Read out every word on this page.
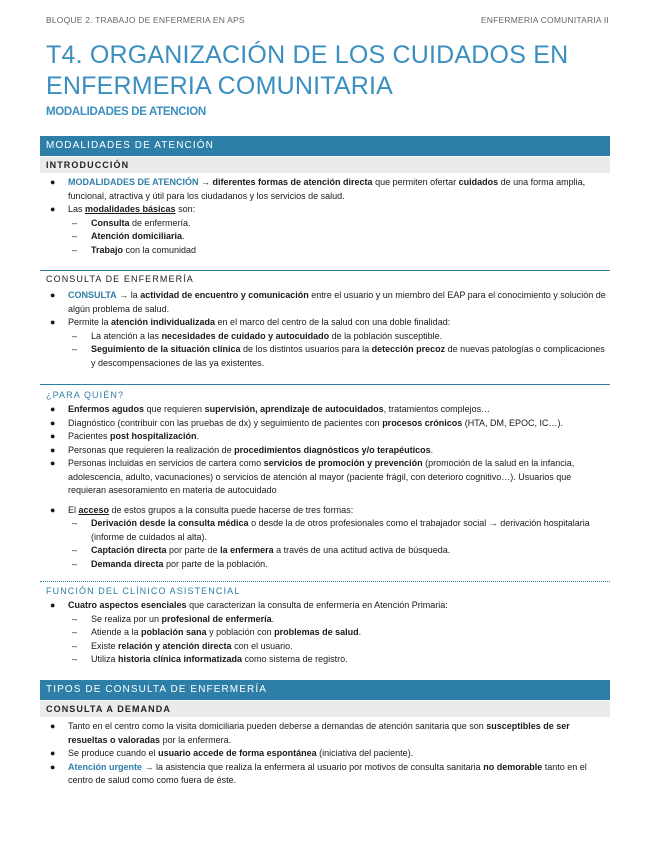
BLOQUE 2. TRABAJO DE ENFERMERIA EN APS	ENFERMERIA COMUNITARIA II
T4. ORGANIZACIÓN DE LOS CUIDADOS EN ENFERMERIA COMUNITARIA
MODALIDADES DE ATENCION
MODALIDADES DE ATENCIÓN
INTRODUCCIÓN
● MODALIDADES DE ATENCIÓN → diferentes formas de atención directa que permiten ofertar cuidados de una forma amplia, funcional, atractiva y útil para los ciudadanos y los servicios de salud.
● Las modalidades básicas son:
– Consulta de enfermería.
– Atención domiciliaria.
– Trabajo con la comunidad
CONSULTA DE ENFERMERÍA
● CONSULTA → la actividad de encuentro y comunicación entre el usuario y un miembro del EAP para el conocimiento y solución de algún problema de salud.
● Permite la atención individualizada en el marco del centro de la salud con una doble finalidad:
– La atención a las necesidades de cuidado y autocuidado de la población susceptible.
– Seguimiento de la situación clínica de los distintos usuarios para la detección precoz de nuevas patologías o complicaciones y descompensaciones de las ya existentes.
¿PARA QUIÉN?
● Enfermos agudos que requieren supervisión, aprendizaje de autocuidados, tratamientos complejos…
● Diagnóstico (contribuir con las pruebas de dx) y seguimiento de pacientes con procesos crónicos (HTA, DM, EPOC, IC…).
● Pacientes post hospitalización.
● Personas que requieren la realización de procedimientos diagnósticos y/o terapéuticos.
● Personas incluidas en servicios de cartera como servicios de promoción y prevención (promoción de la salud en la infancia, adolescencia, adulto, vacunaciones) o servicios de atención al mayor (paciente frágil, con deterioro cognitivo…). Usuarios que requieran asesoramiento en materia de autocuidado
● El acceso de estos grupos a la consulta puede hacerse de tres formas:
– Derivación desde la consulta médica o desde la de otros profesionales como el trabajador social → derivación hospitalaria (informe de cuidados al alta).
– Captación directa por parte de la enfermera a través de una actitud activa de búsqueda.
– Demanda directa por parte de la población.
FUNCIÓN DEL CLÍNICO ASISTENCIAL
● Cuatro aspectos esenciales que caracterizan la consulta de enfermería en Atención Primaria:
– Se realiza por un profesional de enfermería.
– Atiende a la población sana y población con problemas de salud.
– Existe relación y atención directa con el usuario.
– Utiliza historia clínica informatizada como sistema de registro.
TIPOS DE CONSULTA DE ENFERMERÍA
CONSULTA A DEMANDA
● Tanto en el centro como la visita domiciliaria pueden deberse a demandas de atención sanitaria que son susceptibles de ser resueltas o valoradas por la enfermera.
● Se produce cuando el usuario accede de forma espontánea (iniciativa del paciente).
● Atención urgente → la asistencia que realiza la enfermera al usuario por motivos de consulta sanitaria no demorable tanto en el centro de salud como como fuera de éste.
